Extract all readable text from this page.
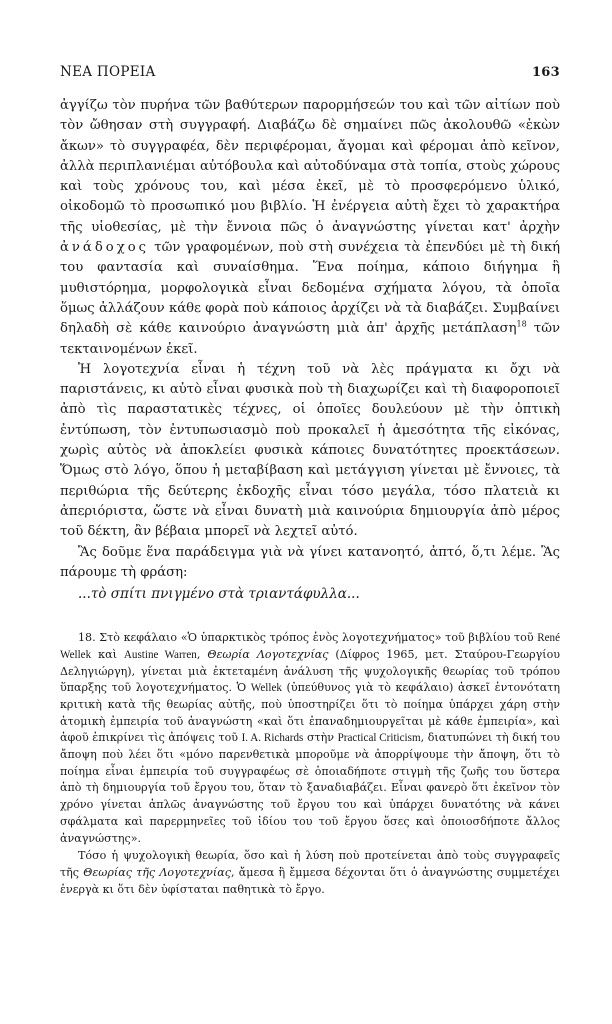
ΝΕΑ ΠΟΡΕΙΑ	163

ἀγγίζω τὸν πυρήνα τῶν βαθύτερων παρορμήσεών του καὶ τῶν αἰτίων ποὺ τὸν ὤθησαν στὴ συγγραφή. Διαβάζω δὲ σημαίνει πῶς ἀκολουθῶ «ἑκὼν ἄκων» τὸ συγγραφέα, δὲν περιφέρομαι, ἄγομαι καὶ φέρομαι ἀπὸ κεῖνον, ἀλλὰ περιπλανιέμαι αὐτόβουλα καὶ αὐτοδύναμα στὰ τοπία, στοὺς χώρους καὶ τοὺς χρόνους του, καὶ μέσα ἐκεῖ, μὲ τὸ προσφερόμενο ὑλικό, οἰκοδομῶ τὸ προσωπικό μου βιβλίο. Ἡ ἐνέργεια αὐτὴ ἔχει τὸ χαρακτήρα τῆς υἱοθεσίας, μὲ τὴν ἔννοια πῶς ὁ ἀναγνώστης γίνεται κατ' ἀρχὴν ἀνάδοχος τῶν γραφομένων, ποὺ στὴ συνέχεια τὰ ἐπενδύει μὲ τὴ δική του φαντασία καὶ συναίσθημα. Ἕνα ποίημα, κάποιο διήγημα ἢ μυθιστόρημα, μορφολογικὰ εἶναι δεδομένα σχήματα λόγου, τὰ ὁποῖα ὅμως ἀλλάζουν κάθε φορὰ ποὺ κάποιος ἀρχίζει νὰ τὰ διαβάζει. Συμβαίνει δηλαδὴ σὲ κάθε καινούριο ἀναγνώστη μιὰ ἀπ' ἀρχῆς μετάπλαση$^{18}$ τῶν τεκταινομένων ἐκεῖ.

Ἡ λογοτεχνία εἶναι ἡ τέχνη τοῦ νὰ λὲς πράγματα κι ὄχι νὰ παριστάνεις, κι αὐτὸ εἶναι φυσικὰ ποὺ τὴ διαχωρίζει καὶ τὴ διαφοροποιεῖ ἀπὸ τὶς παραστατικὲς τέχνες, οἱ ὁποῖες δουλεύουν μὲ τὴν ὀπτικὴ ἐντύπωση, τὸν ἐντυπωσιασμὸ ποὺ προκαλεῖ ἡ ἀμεσότητα τῆς εἰκόνας, χωρὶς αὐτὸς νὰ ἀποκλείει φυσικὰ κάποιες δυνατότητες προεκτάσεων. Ὅμως στὸ λόγο, ὅπου ἡ μεταβίβαση καὶ μετάγγιση γίνεται μὲ ἔννοιες, τὰ περιθώρια τῆς δεύτερης ἐκδοχῆς εἶναι τόσο μεγάλα, τόσο πλατειὰ κι ἀπεριόριστα, ὥστε νὰ εἶναι δυνατὴ μιὰ καινούρια δημιουργία ἀπὸ μέρος τοῦ δέκτη, ἂν βέβαια μπορεῖ νὰ λεχτεῖ αὐτό.

Ἂς δοῦμε ἕνα παράδειγμα γιὰ νὰ γίνει κατανοητό, ἀπτό, ὅ,τι λέμε. Ἂς πάρουμε τὴ φράση:

...τὸ σπίτι πνιγμένο στὰ τριαντάφυλλα...

18. Στὸ κεφάλαιο «Ὁ ὑπαρκτικὸς τρόπος ἑνὸς λογοτεχνήματος» τοῦ βιβλίου τοῦ René Wellek καὶ Austine Warren, Θεωρία Λογοτεχνίας (Δίφρος 1965, μετ. Σταύρου-Γεωργίου Δεληγιώργη), γίνεται μιὰ ἐκτεταμένη ἀνάλυση τῆς ψυχολογικῆς θεωρίας τοῦ τρόπου ὕπαρξης τοῦ λογοτεχνήματος. Ὁ Wellek (ὑπεύθυνος γιὰ τὸ κεφάλαιο) ἀσκεῖ ἐντονότατη κριτικὴ κατὰ τῆς θεωρίας αὐτῆς, ποὺ ὑποστηρίζει ὅτι τὸ ποίημα ὑπάρχει χάρη στὴν ἀτομικὴ ἐμπειρία τοῦ ἀναγνώστη «καὶ ὅτι ἐπαναδημιουργεῖται μὲ κάθε ἐμπειρία», καὶ ἀφοῦ ἐπικρίνει τὶς ἀπόψεις τοῦ I. A. Richards στὴν Practical Criticism, διατυπώνει τὴ δική του ἄποψη ποὺ λέει ὅτι «μόνο παρενθετικὰ μποροῦμε νὰ ἀπορρίψουμε τὴν ἄποψη, ὅτι τὸ ποίημα εἶναι ἐμπειρία τοῦ συγγραφέως σὲ ὁποιαδήποτε στιγμὴ τῆς ζωῆς του ὕστερα ἀπὸ τὴ δημιουργία τοῦ ἔργου του, ὅταν τὸ ξαναδιαβάζει. Εἶναι φανερὸ ὅτι ἐκεῖνον τὸν χρόνο γίνεται ἁπλῶς ἀναγνώστης τοῦ ἔργου του καὶ ὑπάρχει δυνατότης νὰ κάνει σφάλματα καὶ παρερμηνεῖες τοῦ ἰδίου του τοῦ ἔργου ὅσες καὶ ὁποιοσδήποτε ἄλλος ἀναγνώστης».

Τόσο ἡ ψυχολογικὴ θεωρία, ὅσο καὶ ἡ λύση ποὺ προτείνεται ἀπὸ τοὺς συγγραφεῖς τῆς Θεωρίας τῆς Λογοτεχνίας, ἄμεσα ἢ ἔμμεσα δέχονται ὅτι ὁ ἀναγνώστης συμμετέχει ἐνεργὰ κι ὅτι δὲν ὑφίσταται παθητικὰ τὸ ἔργο.
